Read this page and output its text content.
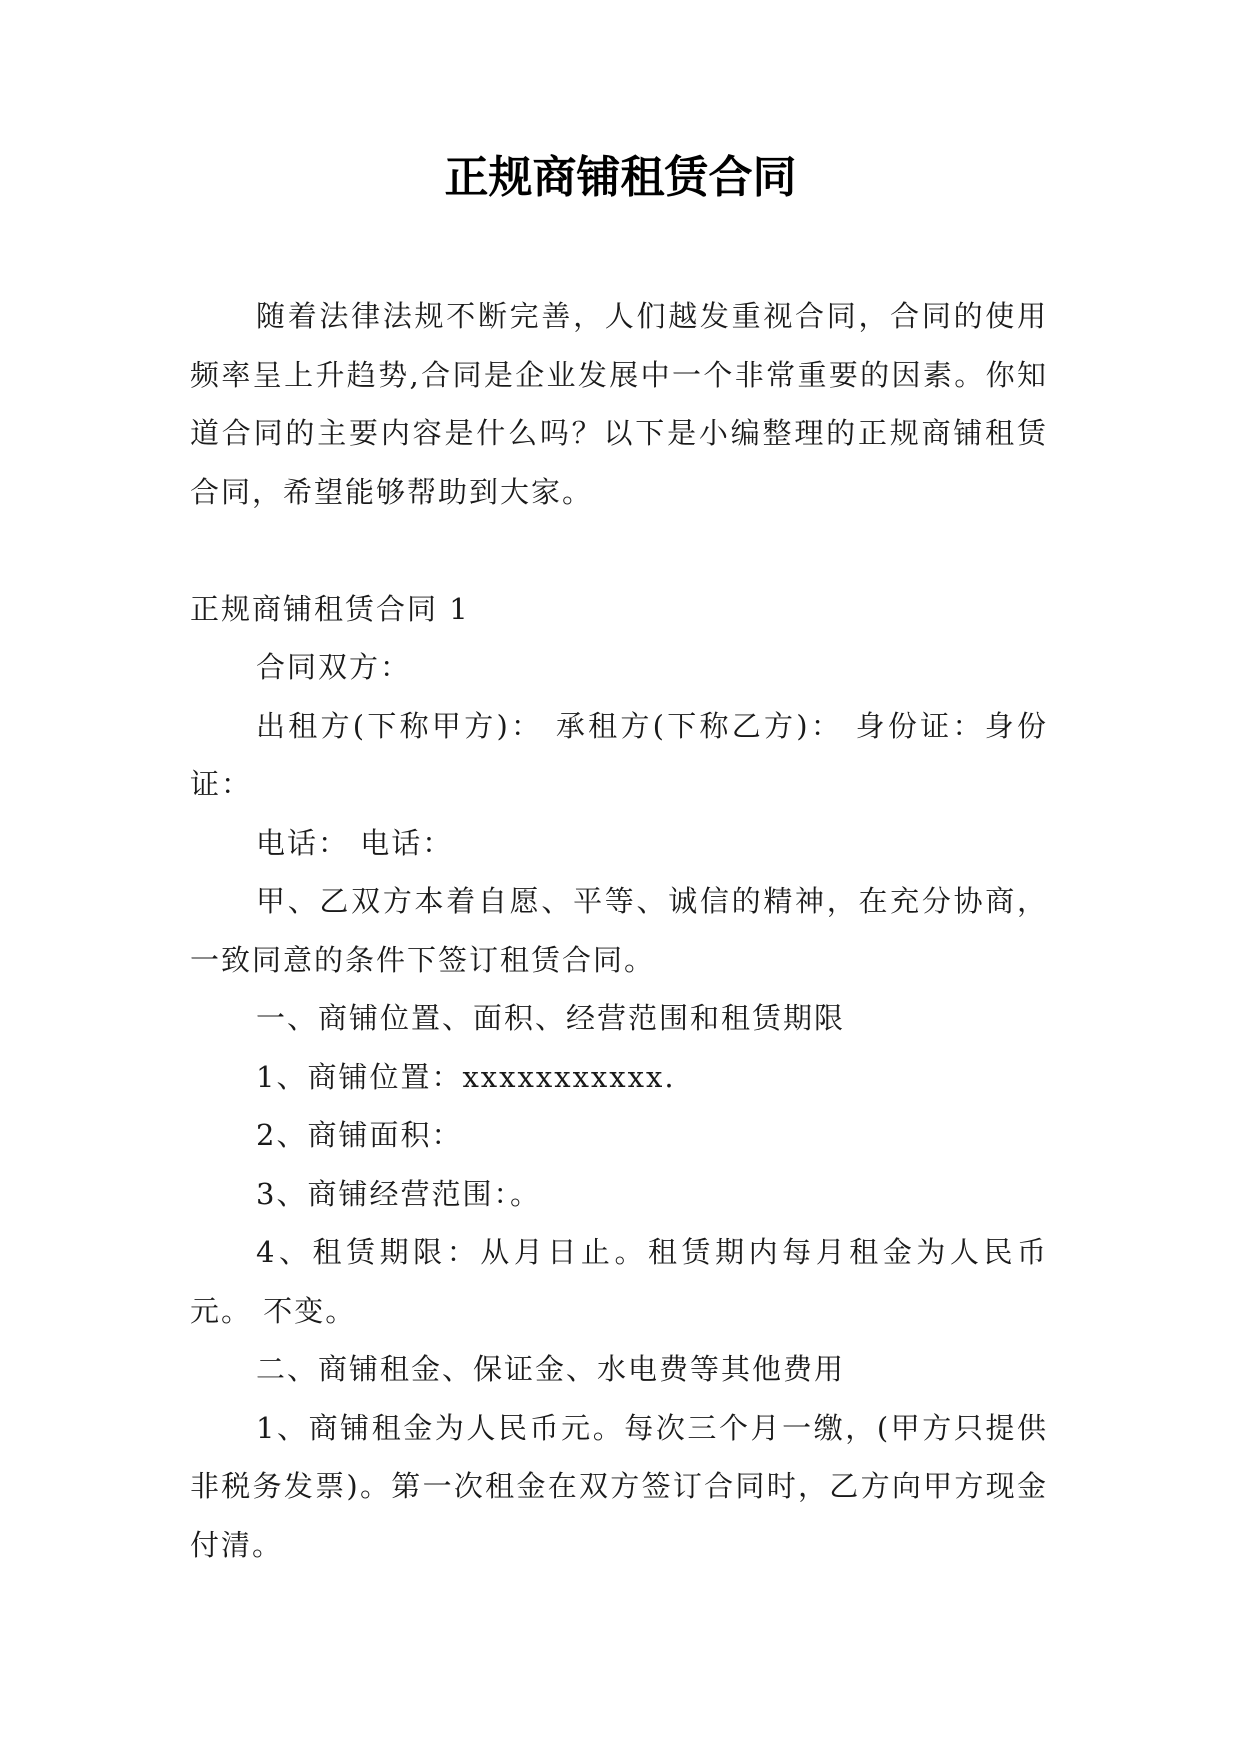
正规商铺租赁合同

随着法律法规不断完善，人们越发重视合同，合同的使用频率呈上升趋势,合同是企业发展中一个非常重要的因素。你知道合同的主要内容是什么吗？以下是小编整理的正规商铺租赁合同，希望能够帮助到大家。

正规商铺租赁合同 1

合同双方：

出租方(下称甲方)： 承租方(下称乙方)： 身份证：身份证：

电话： 电话：

甲、乙双方本着自愿、平等、诚信的精神，在充分协商，一致同意的条件下签订租赁合同。

一、商铺位置、面积、经营范围和租赁期限

1、商铺位置：xxxxxxxxxxx.

2、商铺面积：

3、商铺经营范围：。

4、租赁期限：从月日止。租赁期内每月租金为人民币元。 不变。

二、商铺租金、保证金、水电费等其他费用

1、商铺租金为人民币元。每次三个月一缴，(甲方只提供非税务发票)。第一次租金在双方签订合同时，乙方向甲方现金付清。
